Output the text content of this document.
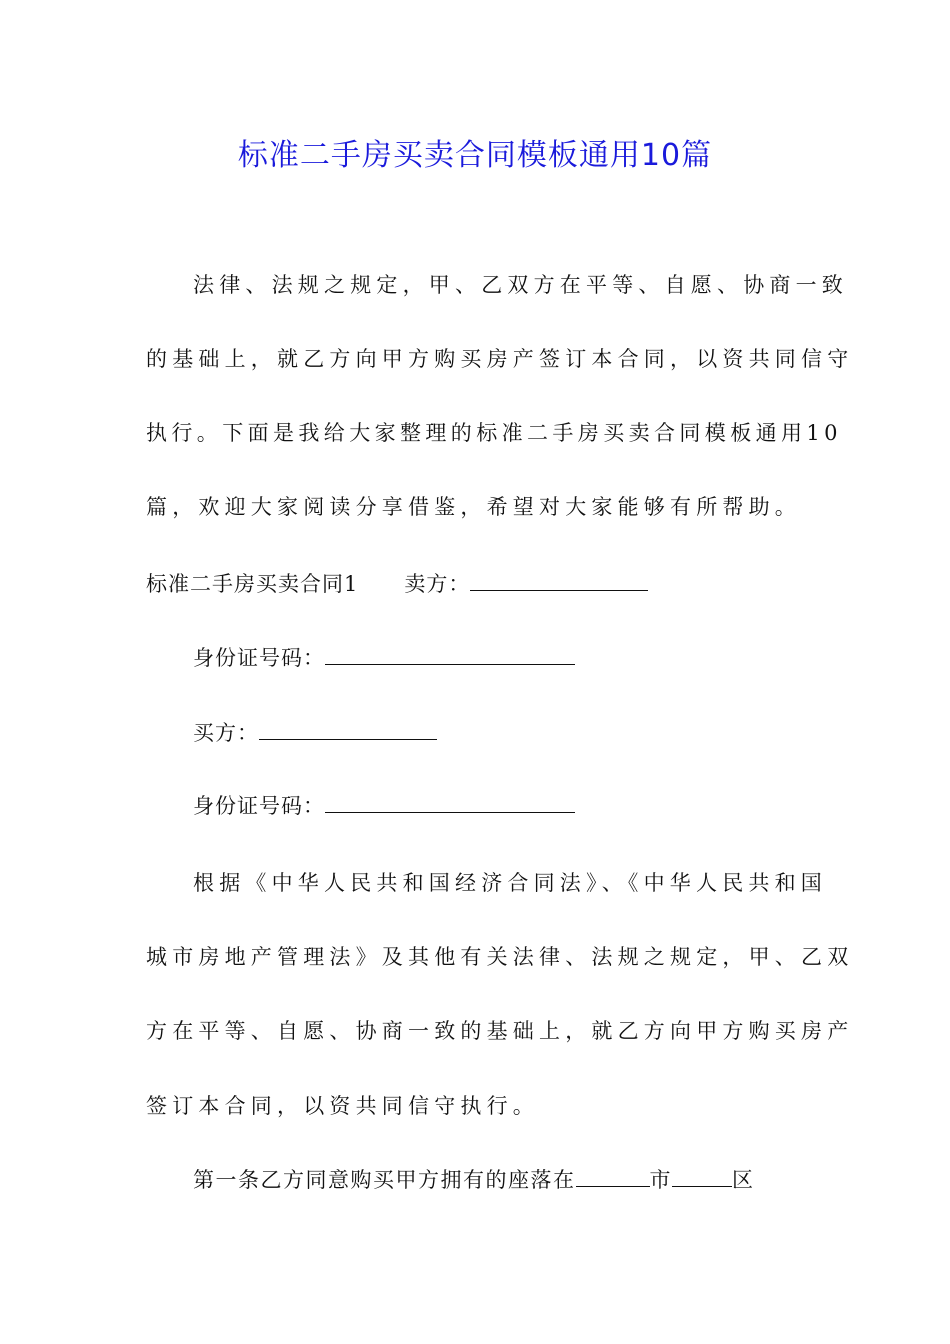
标准二手房买卖合同模板通用10篇
法律、法规之规定，甲、乙双方在平等、自愿、协商一致
的基础上，就乙方向甲方购买房产签订本合同，以资共同信守
执行。下面是我给大家整理的标准二手房买卖合同模板通用10
篇，欢迎大家阅读分享借鉴，希望对大家能够有所帮助。
标准二手房买卖合同1 卖方：
身份证号码：
买方：
身份证号码：
根据《中华人民共和国经济合同法》、《中华人民共和国
城市房地产管理法》及其他有关法律、法规之规定，甲、乙双
方在平等、自愿、协商一致的基础上，就乙方向甲方购买房产
签订本合同，以资共同信守执行。
第一条乙方同意购买甲方拥有的座落在	市	区
